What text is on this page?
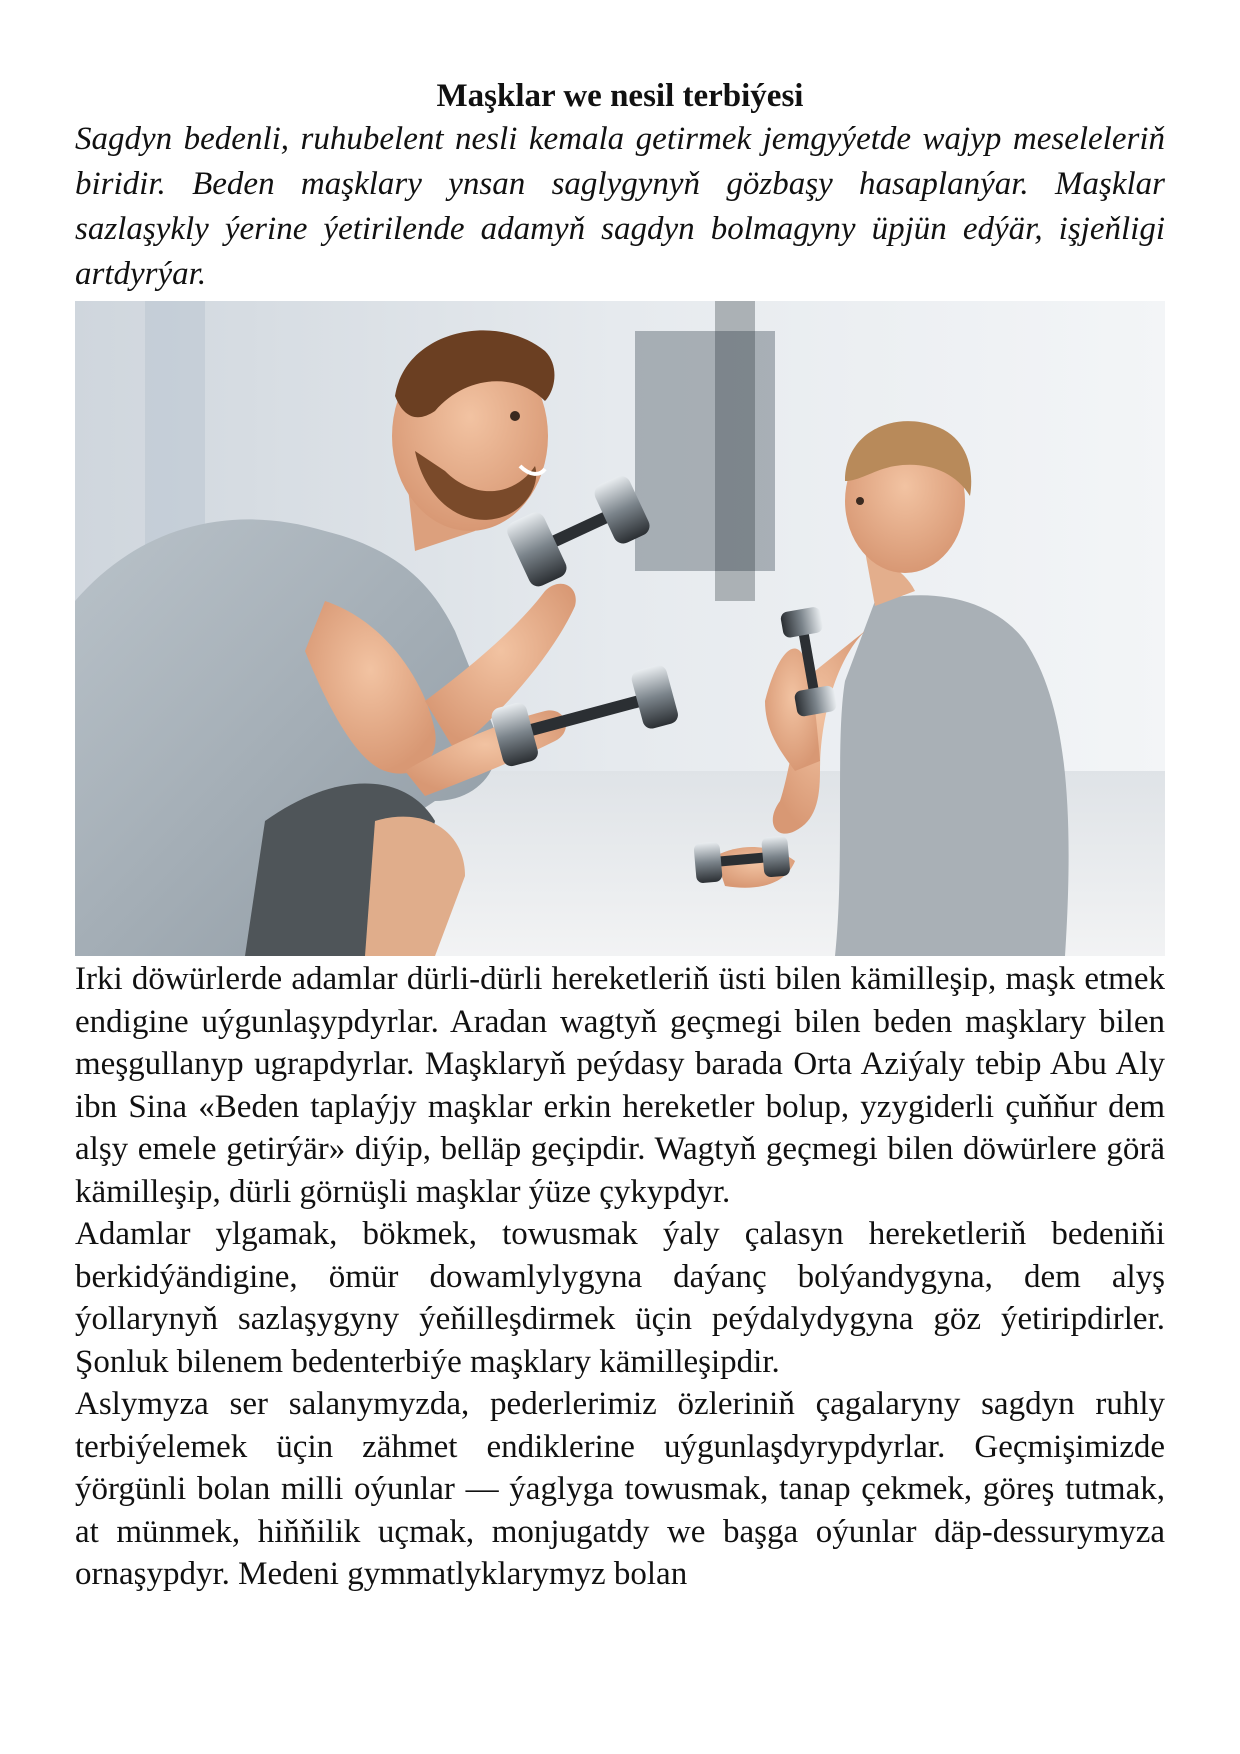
Maşklar we nesil terbiýesi

Sagdyn bedenli, ruhubelent nesli kemala getirmek jemgyýetde wajyp meseleleriň biridir. Beden maşklary ynsan saglygynyň gözbaşy hasaplanýar. Maşklar sazlaşykly ýerine ýetirilende adamyň sagdyn bolmagyny üpjün edýär, işjeňligi artdyrýar.

Irki döwürlerde adamlar dürli-dürli hereketleriň üsti bilen kämilleşip, maşk etmek endigine uýgunlaşypdyrlar. Aradan wagtyň geçmegi bilen beden maşklary bilen meşgullanyp ugrapdyrlar. Maşklaryň peýdasy barada Orta Aziýaly tebip Abu Aly ibn Sina «Beden taplaýjy maşklar erkin hereketler bolup, yzygiderli çuňňur dem alşy emele getirýär» diýip, belläp geçipdir. Wagtyň geçmegi bilen döwürlere görä kämilleşip, dürli görnüşli maşklar ýüze çykypdyr.

Adamlar ylgamak, bökmek, towusmak ýaly çalasyn hereketleriň bedeniňi berkidýändigine, ömür dowamlylygyna daýanç bolýandygyna, dem alyş ýollarynyň sazlaşygyny ýeňilleşdirmek üçin peýdalydygyna göz ýetiripdirler. Şonluk bilenem bedenterbiýe maşklary kämilleşipdir.

Aslymyza ser salanymyzda, pederlerimiz özleriniň çagalaryny sagdyn ruhly terbiýelemek üçin zähmet endiklerine uýgunlaşdyrypdyrlar. Geçmişimizde ýörgünli bolan milli oýunlar — ýaglyga towusmak, tanap çekmek, göreş tutmak, at münmek, hiňňilik uçmak, monjugatdy we başga oýunlar däp-dessurymyza ornaşypdyr. Medeni gymmatlyklarymyz bolan
